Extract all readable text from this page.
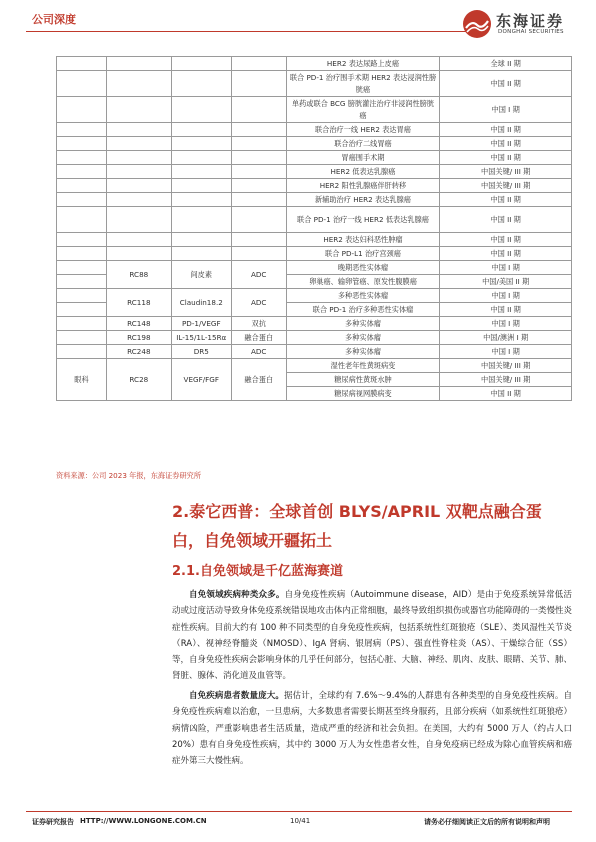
公司深度	东海证券
DONGHAI SECURITIES
				HER2 表达尿路上皮癌	全球 II 期
				联合 PD-1 治疗围手术期 HER2 表达浸润性膀胱癌	中国 II 期
				单药或联合 BCG 膀胱灌注治疗非浸润性膀胱癌	中国 I 期
				联合治疗一线 HER2 表达胃癌	中国 II 期
				联合治疗二线胃癌	中国 II 期
				胃癌围手术期	中国 II 期
				HER2 低表达乳腺癌	中国关键/ III 期
				HER2 阳性乳腺癌伴肝转移	中国关键/ III 期
				新辅助治疗 HER2 表达乳腺癌	中国 II 期
				联合 PD-1 治疗一线 HER2 低表达乳腺癌	中国 II 期
				HER2 表达妇科恶性肿瘤	中国 II 期
				联合 PD-L1 治疗宫颈癌	中国 II 期
	RC88	间皮素	ADC	晚期恶性实体瘤	中国 I 期
				卵巢癌、输卵管癌、原发性腹膜癌	中国/美国 II 期
	RC118	Claudin18.2	ADC	多种恶性实体瘤	中国 I 期
				联合 PD-1 治疗多种恶性实体瘤	中国 II 期
	RC148	PD-1/VEGF	双抗	多种实体瘤	中国 I 期
	RC198	IL-15/1L-15Rα	融合蛋白	多种实体瘤	中国/澳洲 I 期
	RC248	DR5	ADC	多种实体瘤	中国 I 期
眼科	RC28	VEGF/FGF	融合蛋白	湿性老年性黄斑病变	中国关键/ III 期
				糖尿病性黄斑水肿	中国关键/ III 期
				糖尿病视网膜病变	中国 II 期
资料来源：公司 2023 年报，东海证券研究所
2.泰它西普：全球首创 BLYS/APRIL 双靶点融合蛋白，自免领域开疆拓土
2.1.自免领域是千亿蓝海赛道
自免领域疾病种类众多。自身免疫性疾病（Autoimmune disease，AID）是由于免疫系统异常低活动或过度活动导致身体免疫系统错误地攻击体内正常细胞，最终导致组织损伤或器官功能障碍的一类慢性炎症性疾病。目前大约有 100 种不同类型的自身免疫性疾病，包括系统性红斑狼疮（SLE）、类风湿性关节炎（RA）、视神经脊髓炎（NMOSD）、IgA 肾病、银屑病（PS）、强直性脊柱炎（AS）、干燥综合征（SS）等，自身免疫性疾病会影响身体的几乎任何部分，包括心脏、大脑、神经、肌肉、皮肤、眼睛、关节、肺、肾脏、腺体、消化道及血管等。
自免疾病患者数量庞大。据估计，全球约有 7.6%～9.4%的人群患有各种类型的自身免疫性疾病。自身免疫性疾病难以治愈，一旦患病，大多数患者需要长期甚至终身服药，且部分疾病（如系统性红斑狼疮）病情凶险，严重影响患者生活质量，造成严重的经济和社会负担。在美国，大约有 5000 万人（约占人口 20%）患有自身免疫性疾病，其中约 3000 万人为女性患者女性，自身免疫病已经成为除心血管疾病和癌症外第三大慢性病。
证券研究报告 HTTP://WWW.LONGONE.COM.CN	10/41	请务必仔细阅读正文后的所有说明和声明
